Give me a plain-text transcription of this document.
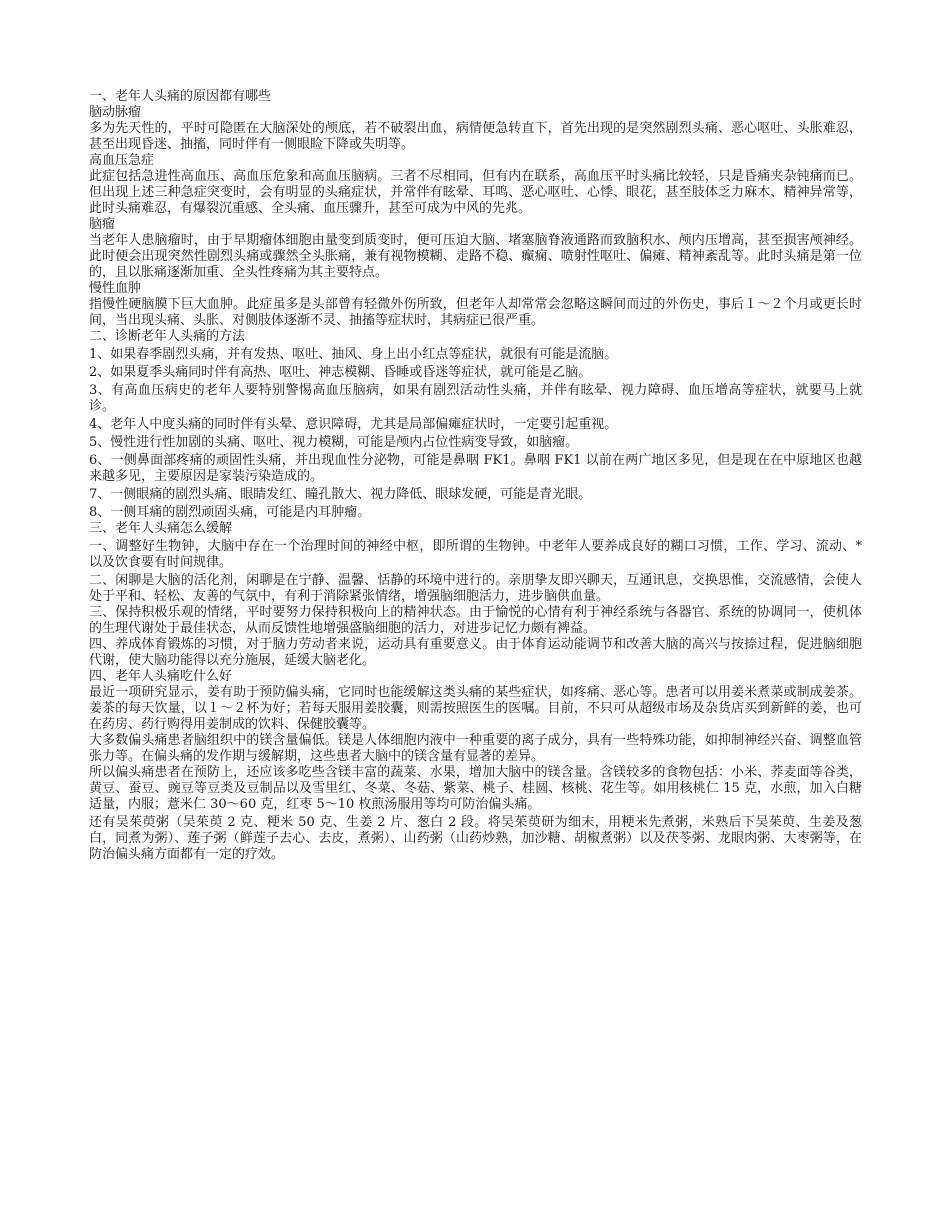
一、老年人头痛的原因都有哪些

脑动脉瘤

多为先天性的，平时可隐匿在大脑深处的颅底，若不破裂出血，病情便急转直下，首先出现的是突然剧烈头痛、恶心呕吐、头胀难忍，甚至出现昏迷、抽搐，同时伴有一侧眼睑下降或失明等。

高血压急症

此症包括急进性高血压、高血压危象和高血压脑病。三者不尽相同，但有内在联系，高血压平时头痛比较轻，只是昏痛夹杂钝痛而已。但出现上述三种急症突变时，会有明显的头痛症状，并常伴有眩晕、耳鸣、恶心呕吐、心悸、眼花，甚至肢体乏力麻木、精神异常等，此时头痛难忍，有爆裂沉重感、全头痛、血压骤升，甚至可成为中风的先兆。

脑瘤

当老年人患脑瘤时，由于早期瘤体细胞由量变到质变时，便可压迫大脑、堵塞脑脊液通路而致脑积水、颅内压增高，甚至损害颅神经。此时便会出现突然性剧烈头痛或骤然全头胀痛，兼有视物模糊、走路不稳、癫痫、喷射性呕吐、偏瘫、精神紊乱等。此时头痛是第一位的，且以胀痛逐渐加重、全头性疼痛为其主要特点。

慢性血肿

指慢性硬脑膜下巨大血肿。此症虽多是头部曾有轻微外伤所致，但老年人却常常会忽略这瞬间而过的外伤史，事后１～２个月或更长时间，当出现头痛、头胀、对侧肢体逐渐不灵、抽搐等症状时，其病症已很严重。

二、诊断老年人头痛的方法

1、如果春季剧烈头痛，并有发热、呕吐、抽风、身上出小红点等症状，就很有可能是流脑。

2、如果夏季头痛同时伴有高热、呕吐、神志模糊、昏睡或昏迷等症状，就可能是乙脑。

3、有高血压病史的老年人要特别警惕高血压脑病，如果有剧烈活动性头痛，并伴有眩晕、视力障碍、血压增高等症状，就要马上就诊。

4、老年人中度头痛的同时伴有头晕、意识障碍，尤其是局部偏瘫症状时，一定要引起重视。

5、慢性进行性加剧的头痛、呕吐、视力模糊，可能是颅内占位性病变导致，如脑瘤。

6、一侧鼻面部疼痛的顽固性头痛，并出现血性分泌物，可能是鼻咽 FK1。鼻咽 FK1 以前在两广地区多见，但是现在在中原地区也越来越多见，主要原因是家装污染造成的。

7、一侧眼痛的剧烈头痛、眼睛发红、瞳孔散大、视力降低、眼球发硬，可能是青光眼。

8、一侧耳痛的剧烈顽固头痛，可能是内耳肿瘤。

三、老年人头痛怎么缓解

一、调整好生物钟，大脑中存在一个治理时间的神经中枢，即所谓的生物钟。中老年人要养成良好的糊口习惯，工作、学习、流动、*以及饮食要有时间规律。

二、闲聊是大脑的活化剂，闲聊是在宁静、温馨、恬静的环境中进行的。亲朋挚友即兴聊天，互通讯息，交换思惟，交流感情，会使人处于平和、轻松、友善的气氛中，有利于消除紧张情绪，增强脑细胞活力，进步脑供血量。

三、保持积极乐观的情绪，平时要努力保持积极向上的精神状态。由于愉悦的心情有利于神经系统与各器官、系统的协调同一，使机体的生理代谢处于最佳状态，从而反馈性地增强盛脑细胞的活力，对进步记忆力颇有裨益。

四、养成体育锻炼的习惯，对于脑力劳动者来说，运动具有重要意义。由于体育运动能调节和改善大脑的高兴与按捺过程，促进脑细胞代谢，使大脑功能得以充分施展，延缓大脑老化。

四、老年人头痛吃什么好

最近一项研究显示，姜有助于预防偏头痛，它同时也能缓解这类头痛的某些症状，如疼痛、恶心等。患者可以用姜米煮菜或制成姜茶。姜茶的每天饮量，以１～２杯为好；若每天服用姜胶囊，则需按照医生的医嘱。目前，不只可从超级市场及杂货店买到新鲜的姜，也可在药房、药行购得用姜制成的饮料、保健胶囊等。

大多数偏头痛患者脑组织中的镁含量偏低。镁是人体细胞内液中一种重要的离子成分，具有一些特殊功能，如抑制神经兴奋、调整血管张力等。在偏头痛的发作期与缓解期，这些患者大脑中的镁含量有显著的差异。

所以偏头痛患者在预防上，还应该多吃些含镁丰富的蔬菜、水果，增加大脑中的镁含量。含镁较多的食物包括：小米、荞麦面等谷类，黄豆、蚕豆、豌豆等豆类及豆制品以及雪里红、冬菜、冬菇、紫菜、桃子、桂圆、核桃、花生等。如用核桃仁 15 克，水煎，加入白糖适量，内服；薏米仁 30～60 克，红枣 5～10 枚煎汤服用等均可防治偏头痛。

还有吴茱萸粥（吴茱萸 2 克、粳米 50 克、生姜 2 片、葱白 2 段。将吴茱萸研为细末，用粳米先煮粥，米熟后下吴茱萸、生姜及葱白，同煮为粥）、莲子粥（鲜莲子去心、去皮，煮粥）、山药粥（山药炒熟，加沙糖、胡椒煮粥）以及茯苓粥、龙眼肉粥、大枣粥等，在防治偏头痛方面都有一定的疗效。
